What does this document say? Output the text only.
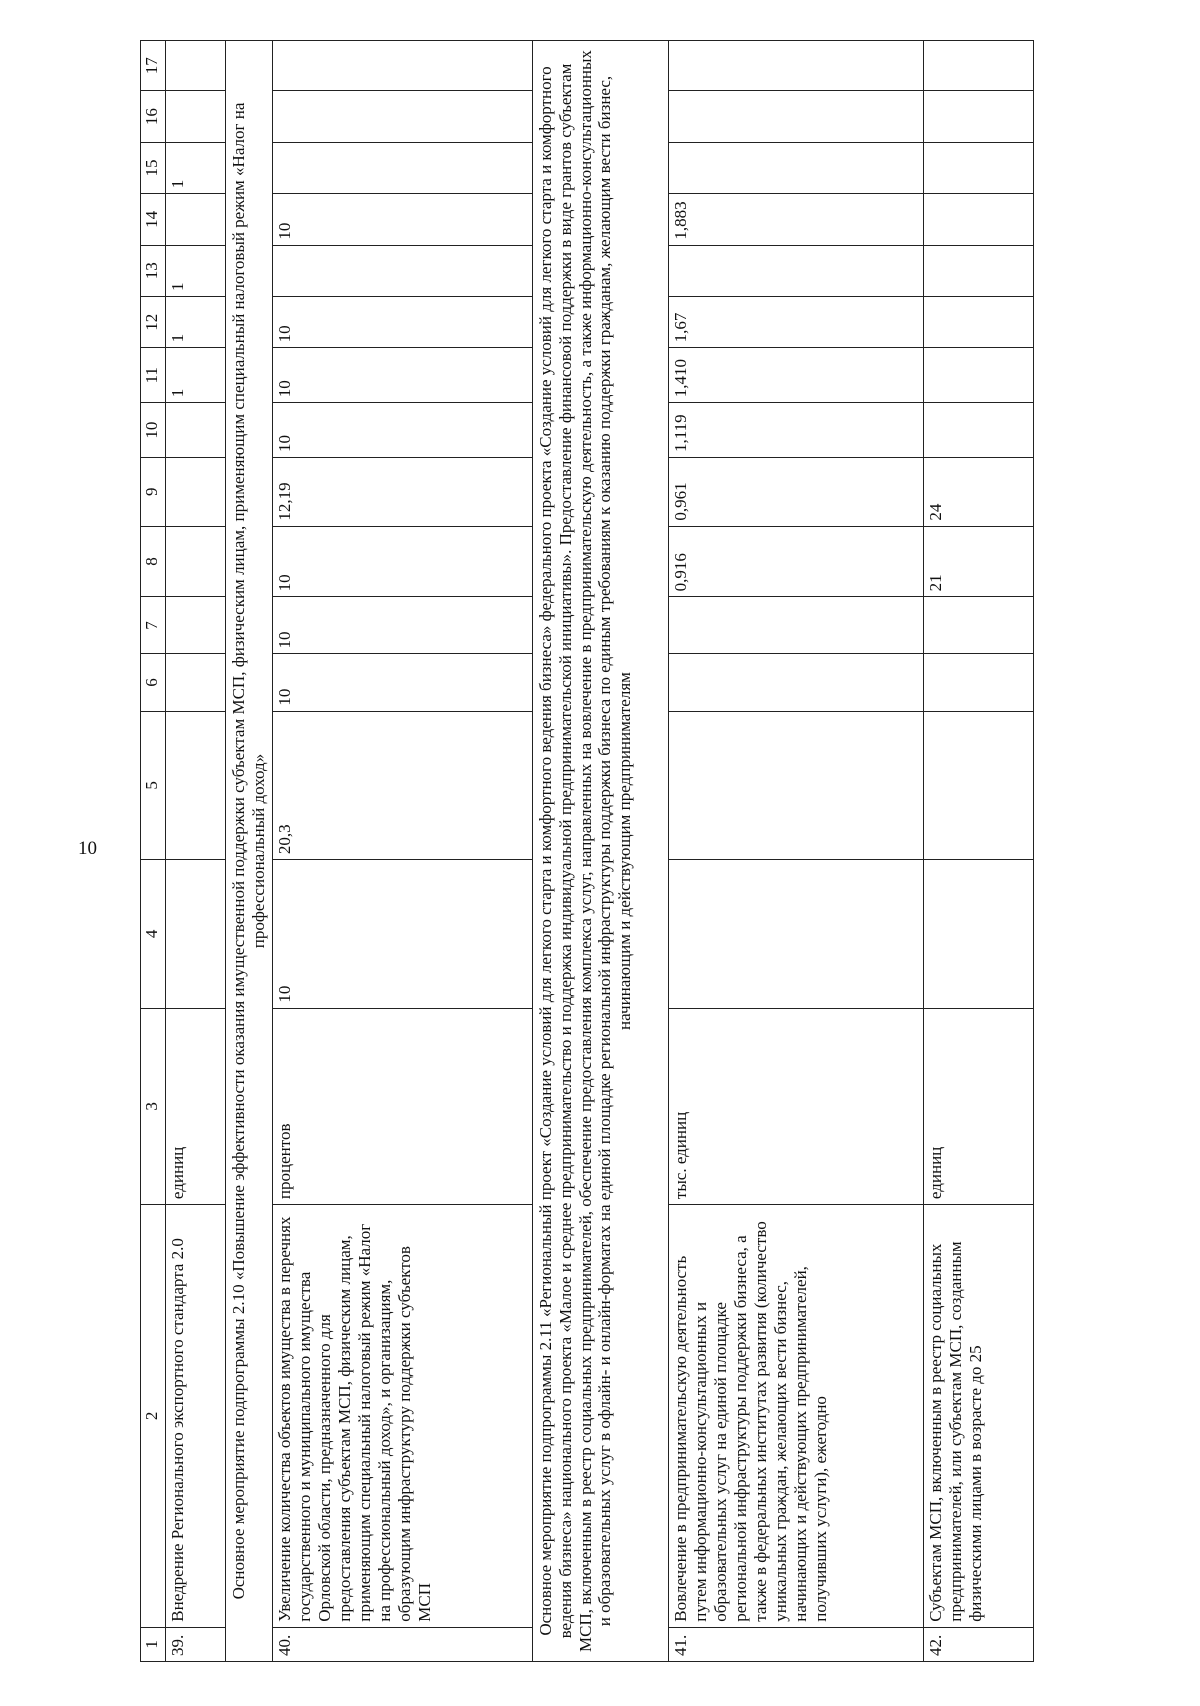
10
1	2	3	4	5	6	7	8	9	10	11	12	13	14	15	16	17
39.	Внедрение Регионального экспортного стандарта 2.0	единиц								1	1	1		1		
Основное мероприятие подпрограммы 2.10 «Повышение эффективности оказания имущественной поддержки субъектам МСП, физическим лицам, применяющим специальный налоговый режим «Налог на профессиональный доход»																
40.	Увеличение количества объектов имущества в перечнях государственного и муниципального имущества Орловской области, предназначенного для предоставления субъектам МСП, физическим лицам, применяющим специальный налоговый режим «Налог на профессиональный доход», и организациям, образующим инфраструктуру поддержки субъектов МСП	процентов	10	20,3	10	10	10	12,19	10	10	10		10			
Основное мероприятие подпрограммы 2.11 «Региональный проект «Создание условий для легкого старта и комфортного ведения бизнеса» федерального проекта «Создание условий для легкого старта и комфортного ведения бизнеса» национального проекта «Малое и среднее предпринимательство и поддержка индивидуальной предпринимательской инициативы». Предоставление финансовой поддержки в виде грантов субъектам МСП, включенным в реестр социальных предпринимателей, обеспечение предоставления комплекса услуг, направленных на вовлечение в предпринимательскую деятельность, а также информационно-консультационных и образовательных услуг в офлайн- и онлайн-форматах на единой площадке региональной инфраструктуры поддержки бизнеса по единым требованиям к оказанию поддержки гражданам, желающим вести бизнес, начинающим и действующим предпринимателям																
41.	Вовлечение в предпринимательскую деятельность путем информационно-консультационных и образовательных услуг на единой площадке региональной инфраструктуры поддержки бизнеса, а также в федеральных институтах развития (количество уникальных граждан, желающих вести бизнес, начинающих и действующих предпринимателей, получивших услуги), ежегодно	тыс. единиц					0,916	0,961	1,119	1,410	1,67		1,883			
42.	Субъектам МСП, включенным в реестр социальных предпринимателей, или субъектам МСП, созданным физическими лицами в возрасте до 25	единиц					21	24								
